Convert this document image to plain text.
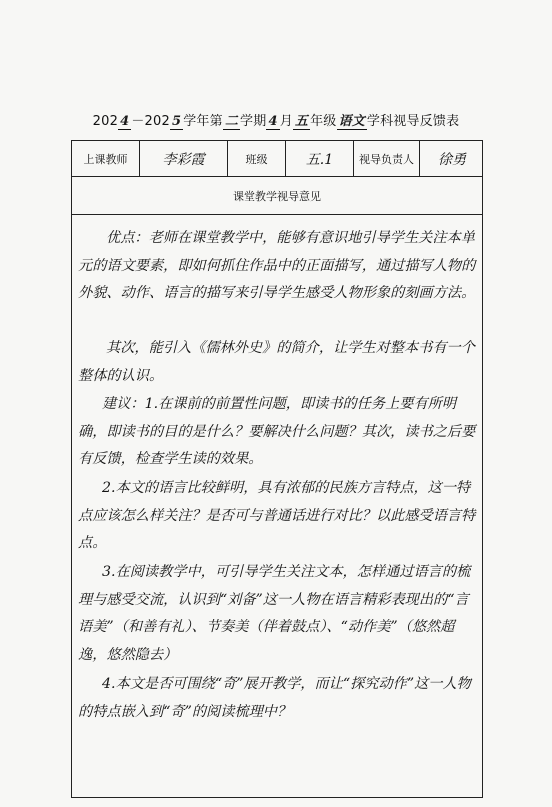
202 4 －202 5 学年第 二 学期 4 月 五 年级 语文 学科视导反馈表
上课教师	李彩霞	班级	五.1	视导负责人	徐勇
课堂教学视导意见

优点：老师在课堂教学中，能够有意识地引导学生关注本单元的语文要素，即如何抓住作品中的正面描写，通过描写人物的外貌、动作、语言的描写来引导学生感受人物形象的刻画方法。

其次，能引入《儒林外史》的简介，让学生对整本书有一个整体的认识。

建议：1.在课前的前置性问题，即读书的任务上要有所明确，即读书的目的是什么？要解决什么问题？其次，读书之后要有反馈，检查学生读的效果。

2.本文的语言比较鲜明，具有浓郁的民族方言特点，这一特点应该怎么样关注？是否可与普通话进行对比？以此感受语言特点。

3.在阅读教学中，可引导学生关注文本，怎样通过语言的梳理与感受交流，认识到“刘备”这一人物在语言精彩表现出的“言语美”（和善有礼）、节奏美（伴着鼓点）、“动作美”（悠然超逸，悠然隐去）

4.本文是否可围绕“奇”展开教学，而让“探究动作”这一人物的特点嵌入到“奇”的阅读梳理中？
